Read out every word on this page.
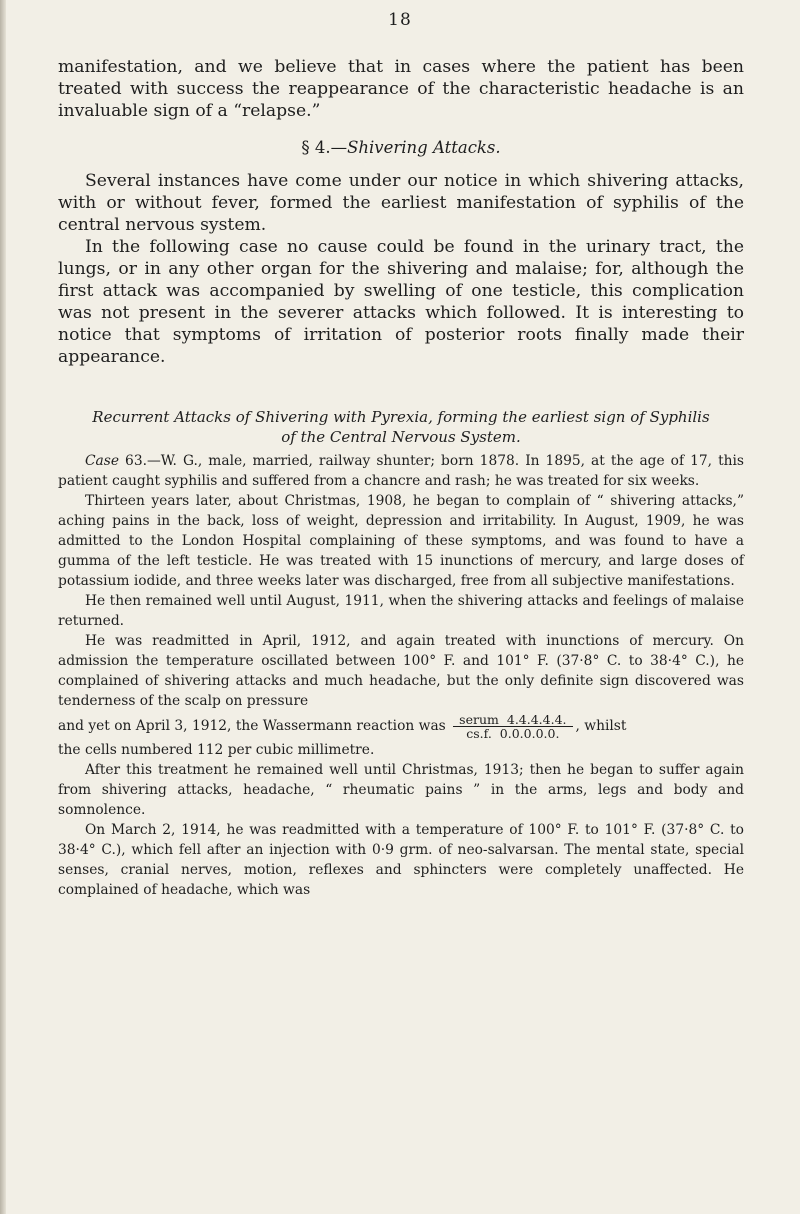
18

manifestation, and we believe that in cases where the patient has been treated with success the reappearance of the characteristic headache is an invaluable sign of a “relapse.”

§ 4.—Shivering Attacks.

Several instances have come under our notice in which shivering attacks, with or without fever, formed the earliest manifestation of syphilis of the central nervous system.

In the following case no cause could be found in the urinary tract, the lungs, or in any other organ for the shivering and malaise; for, although the first attack was accompanied by swelling of one testicle, this complication was not present in the severer attacks which followed. It is interesting to notice that symptoms of irritation of posterior roots finally made their appearance.

Recurrent Attacks of Shivering with Pyrexia, forming the earliest sign of Syphilis of the Central Nervous System.

Case 63.—W. G., male, married, railway shunter; born 1878. In 1895, at the age of 17, this patient caught syphilis and suffered from a chancre and rash; he was treated for six weeks.

Thirteen years later, about Christmas, 1908, he began to complain of “ shivering attacks,” aching pains in the back, loss of weight, depression and irritability. In August, 1909, he was admitted to the London Hospital complaining of these symptoms, and was found to have a gumma of the left testicle. He was treated with 15 inunctions of mercury, and large doses of potassium iodide, and three weeks later was discharged, free from all subjective manifestations.

He then remained well until August, 1911, when the shivering attacks and feelings of malaise returned.

He was readmitted in April, 1912, and again treated with inunctions of mercury. On admission the temperature oscillated between 100° F. and 101° F. (37·8° C. to 38·4° C.), he complained of shivering attacks and much headache, but the only definite sign discovered was tenderness of the scalp on pressure

and yet on April 3, 1912, the Wassermann reaction was $\frac{\text{serum 4.4.4.4.4.}}{cs.f. 0.0.0.0.0.}$ , whilst

the cells numbered 112 per cubic millimetre.

After this treatment he remained well until Christmas, 1913; then he began to suffer again from shivering attacks, headache, “ rheumatic pains ” in the arms, legs and body and somnolence.

On March 2, 1914, he was readmitted with a temperature of 100° F. to 101° F. (37·8° C. to 38·4° C.), which fell after an injection with 0·9 grm. of neo-salvarsan. The mental state, special senses, cranial nerves, motion, reflexes and sphincters were completely unaffected. He complained of headache, which was
